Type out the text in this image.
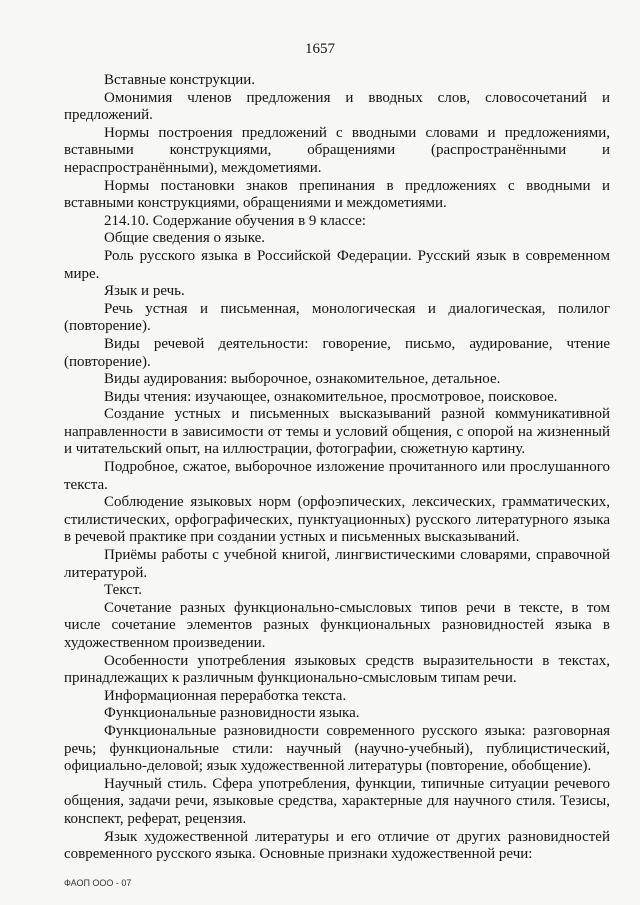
1657

Вставные конструкции.

Омонимия членов предложения и вводных слов, словосочетаний и предложений.

Нормы построения предложений с вводными словами и предложениями, вставными конструкциями, обращениями (распространёнными и нераспространёнными), междометиями.

Нормы постановки знаков препинания в предложениях с вводными и вставными конструкциями, обращениями и междометиями.

214.10. Содержание обучения в 9 классе:

Общие сведения о языке.

Роль русского языка в Российской Федерации. Русский язык в современном мире.

Язык и речь.

Речь устная и письменная, монологическая и диалогическая, полилог (повторение).

Виды речевой деятельности: говорение, письмо, аудирование, чтение (повторение).

Виды аудирования: выборочное, ознакомительное, детальное.

Виды чтения: изучающее, ознакомительное, просмотровое, поисковое.

Создание устных и письменных высказываний разной коммуникативной направленности в зависимости от темы и условий общения, с опорой на жизненный и читательский опыт, на иллюстрации, фотографии, сюжетную картину.

Подробное, сжатое, выборочное изложение прочитанного или прослушанного текста.

Соблюдение языковых норм (орфоэпических, лексических, грамматических, стилистических, орфографических, пунктуационных) русского литературного языка в речевой практике при создании устных и письменных высказываний.

Приёмы работы с учебной книгой, лингвистическими словарями, справочной литературой.

Текст.

Сочетание разных функционально-смысловых типов речи в тексте, в том числе сочетание элементов разных функциональных разновидностей языка в художественном произведении.

Особенности употребления языковых средств выразительности в текстах, принадлежащих к различным функционально-смысловым типам речи.

Информационная переработка текста.

Функциональные разновидности языка.

Функциональные разновидности современного русского языка: разговорная речь; функциональные стили: научный (научно-учебный), публицистический, официально-деловой; язык художественной литературы (повторение, обобщение).

Научный стиль. Сфера употребления, функции, типичные ситуации речевого общения, задачи речи, языковые средства, характерные для научного стиля. Тезисы, конспект, реферат, рецензия.

Язык художественной литературы и его отличие от других разновидностей современного русского языка. Основные признаки художественной речи:

ФАОП ООО - 07
